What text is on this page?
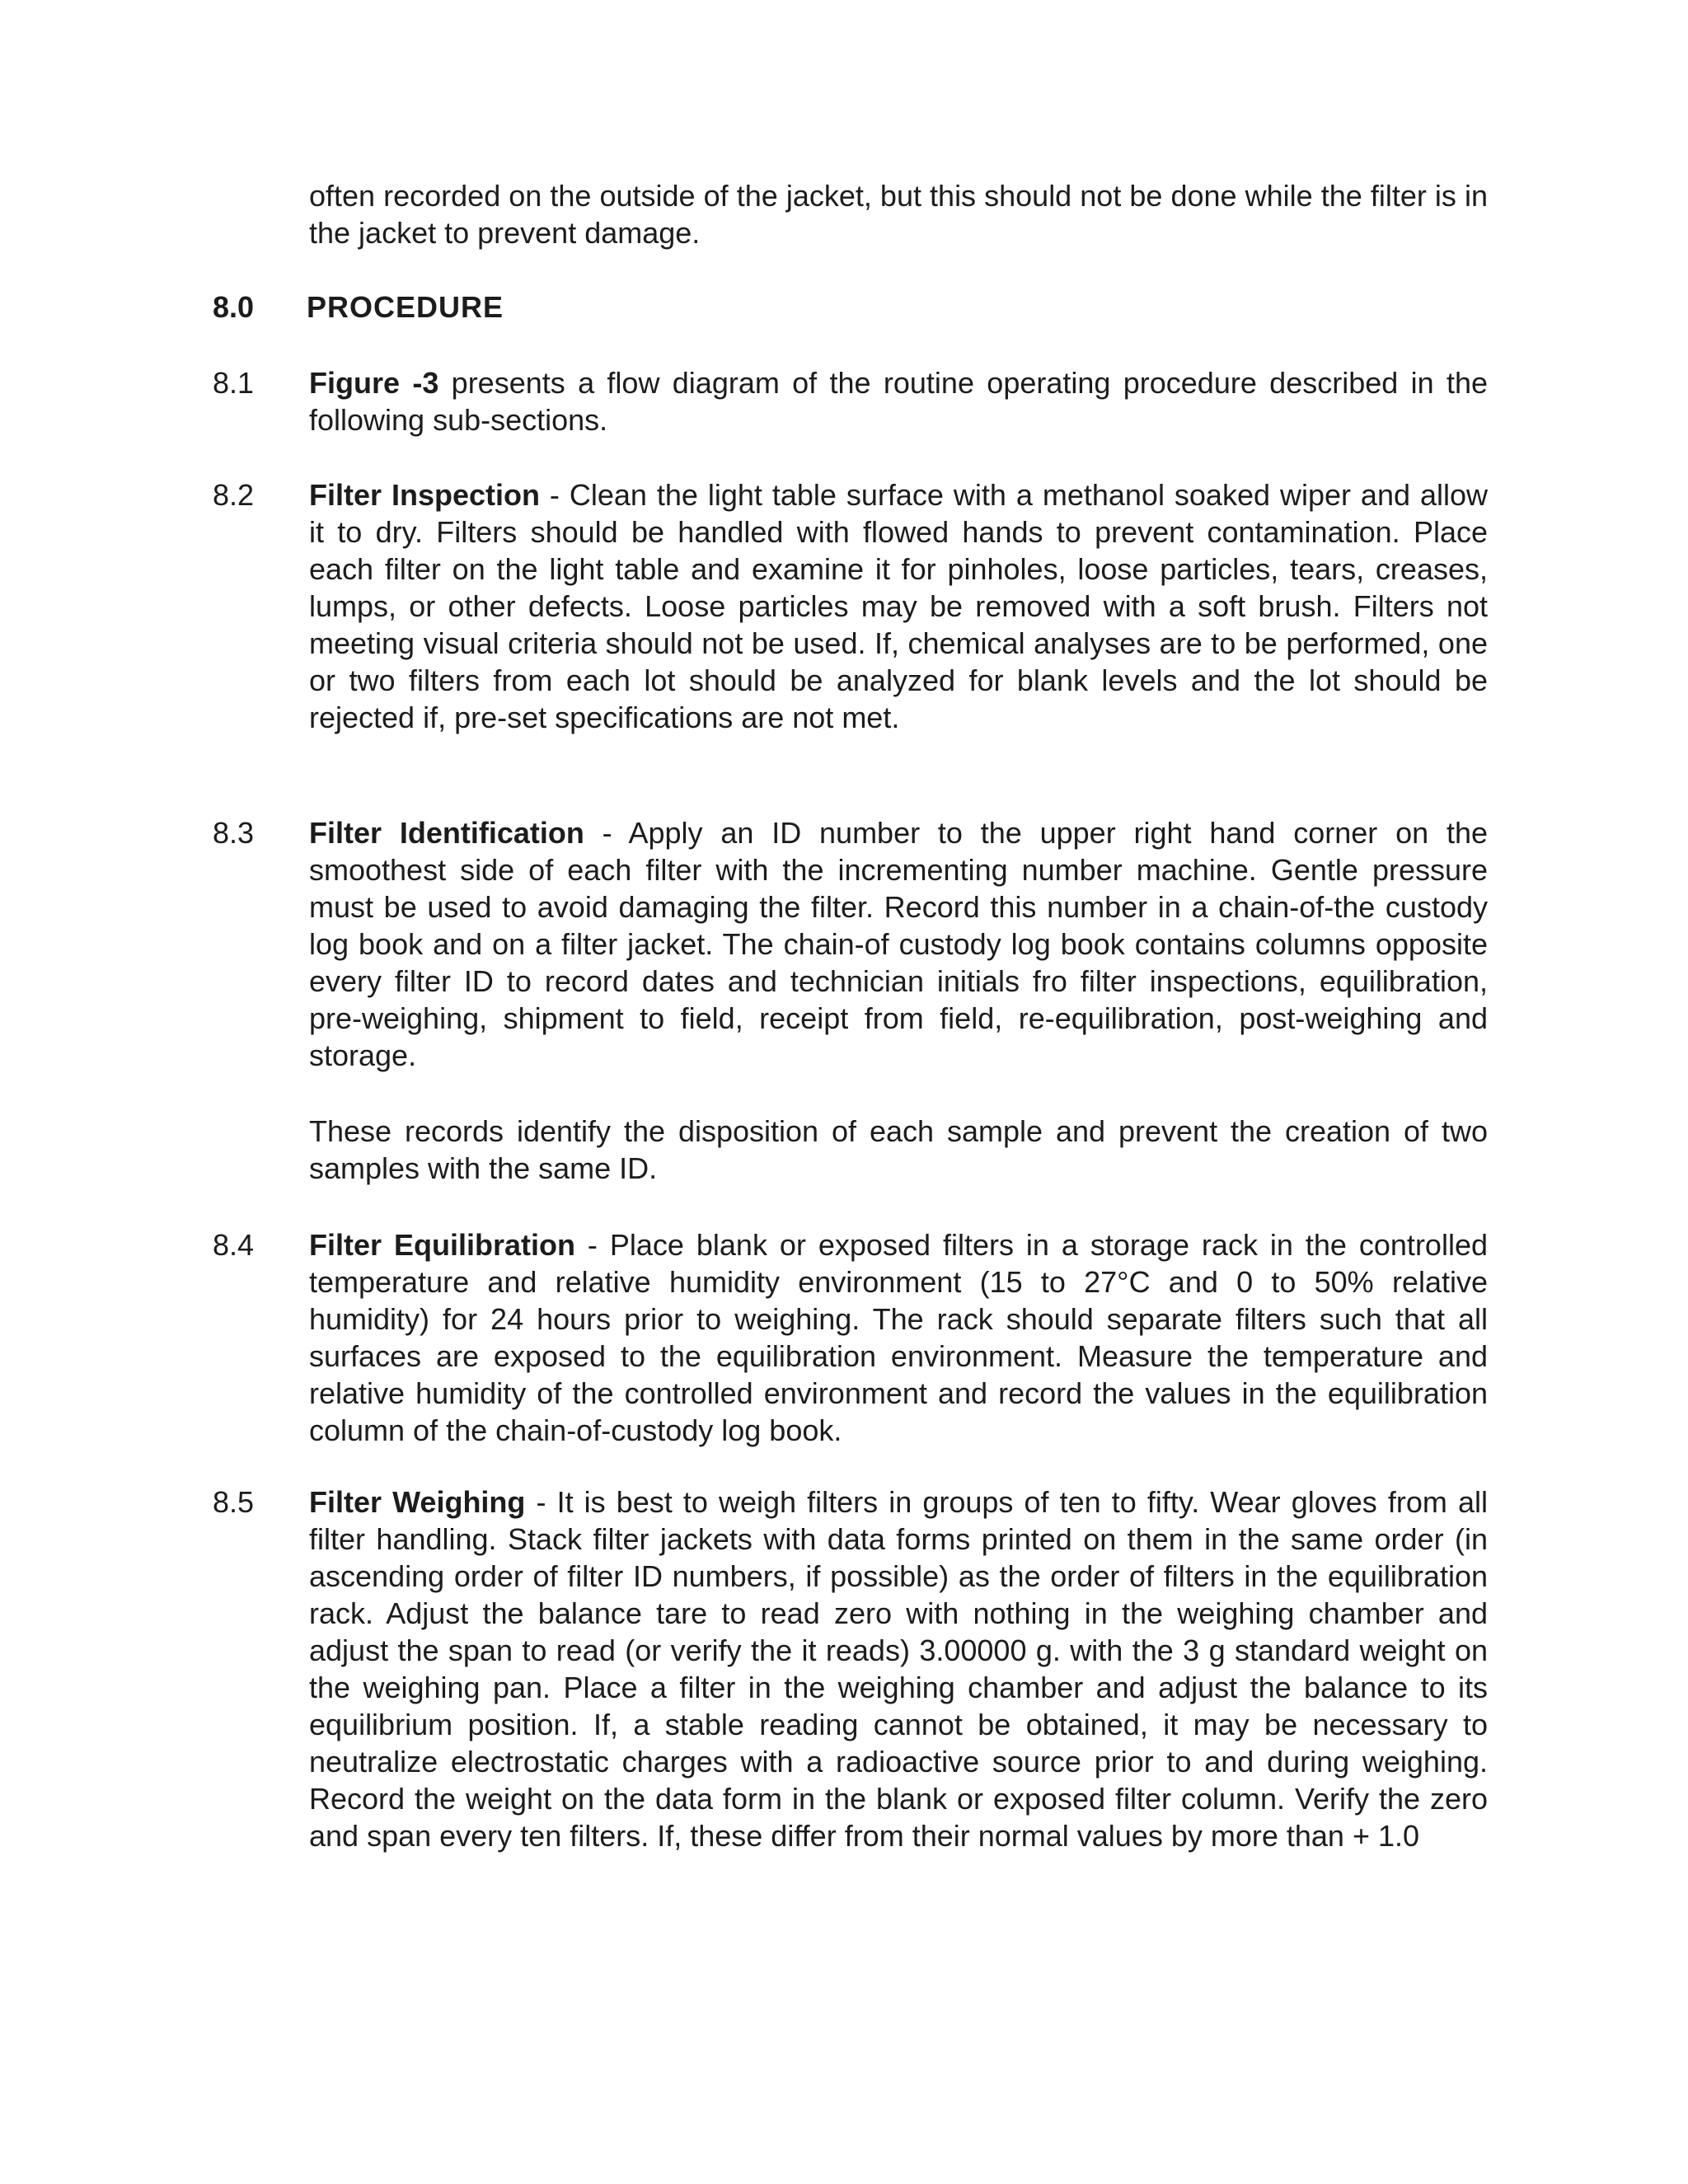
often recorded on the outside of the jacket, but this should not be done while the filter is in the jacket to prevent damage.

8.0 PROCEDURE

8.1 Figure -3 presents a flow diagram of the routine operating procedure described in the following sub-sections.

8.2 Filter Inspection - Clean the light table surface with a methanol soaked wiper and allow it to dry. Filters should be handled with flowed hands to prevent contamination. Place each filter on the light table and examine it for pinholes, loose particles, tears, creases, lumps, or other defects. Loose particles may be removed with a soft brush. Filters not meeting visual criteria should not be used. If, chemical analyses are to be performed, one or two filters from each lot should be analyzed for blank levels and the lot should be rejected if, pre-set specifications are not met.

8.3 Filter Identification - Apply an ID number to the upper right hand corner on the smoothest side of each filter with the incrementing number machine. Gentle pressure must be used to avoid damaging the filter. Record this number in a chain-of-the custody log book and on a filter jacket. The chain-of custody log book contains columns opposite every filter ID to record dates and technician initials fro filter inspections, equilibration, pre-weighing, shipment to field, receipt from field, re-equilibration, post-weighing and storage.

These records identify the disposition of each sample and prevent the creation of two samples with the same ID.

8.4 Filter Equilibration - Place blank or exposed filters in a storage rack in the controlled temperature and relative humidity environment (15 to 27°C and 0 to 50% relative humidity) for 24 hours prior to weighing. The rack should separate filters such that all surfaces are exposed to the equilibration environment. Measure the temperature and relative humidity of the controlled environment and record the values in the equilibration column of the chain-of-custody log book.

8.5 Filter Weighing - It is best to weigh filters in groups of ten to fifty. Wear gloves from all filter handling. Stack filter jackets with data forms printed on them in the same order (in ascending order of filter ID numbers, if possible) as the order of filters in the equilibration rack. Adjust the balance tare to read zero with nothing in the weighing chamber and adjust the span to read (or verify the it reads) 3.00000 g. with the 3 g standard weight on the weighing pan. Place a filter in the weighing chamber and adjust the balance to its equilibrium position. If, a stable reading cannot be obtained, it may be necessary to neutralize electrostatic charges with a radioactive source prior to and during weighing. Record the weight on the data form in the blank or exposed filter column. Verify the zero and span every ten filters. If, these differ from their normal values by more than + 1.0
